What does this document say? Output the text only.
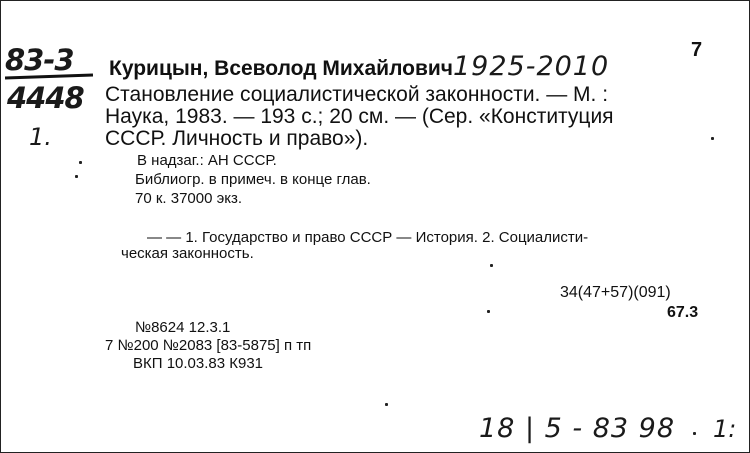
83-3
4448
1.
7
Курицын, Всеволод Михайлович 1925-2010
Становление социалистической законности. — М. :
Наука, 1983. — 193 с.; 20 см. — (Сер. «Конституция
СССР. Личность и право»).
В надзаг.: АН СССР.
Библиогр. в примеч. в конце глав.
70 к. 37000 экз.
— — 1. Государство и право СССР — История. 2. Социалисти-
ческая законность.
34(47+57)(091)
67.3
№8624 12.3.1
7 №200 №2083 [83-5875] п тп
ВКП 10.03.83 К931
18 | 5 - 83 98 1:
